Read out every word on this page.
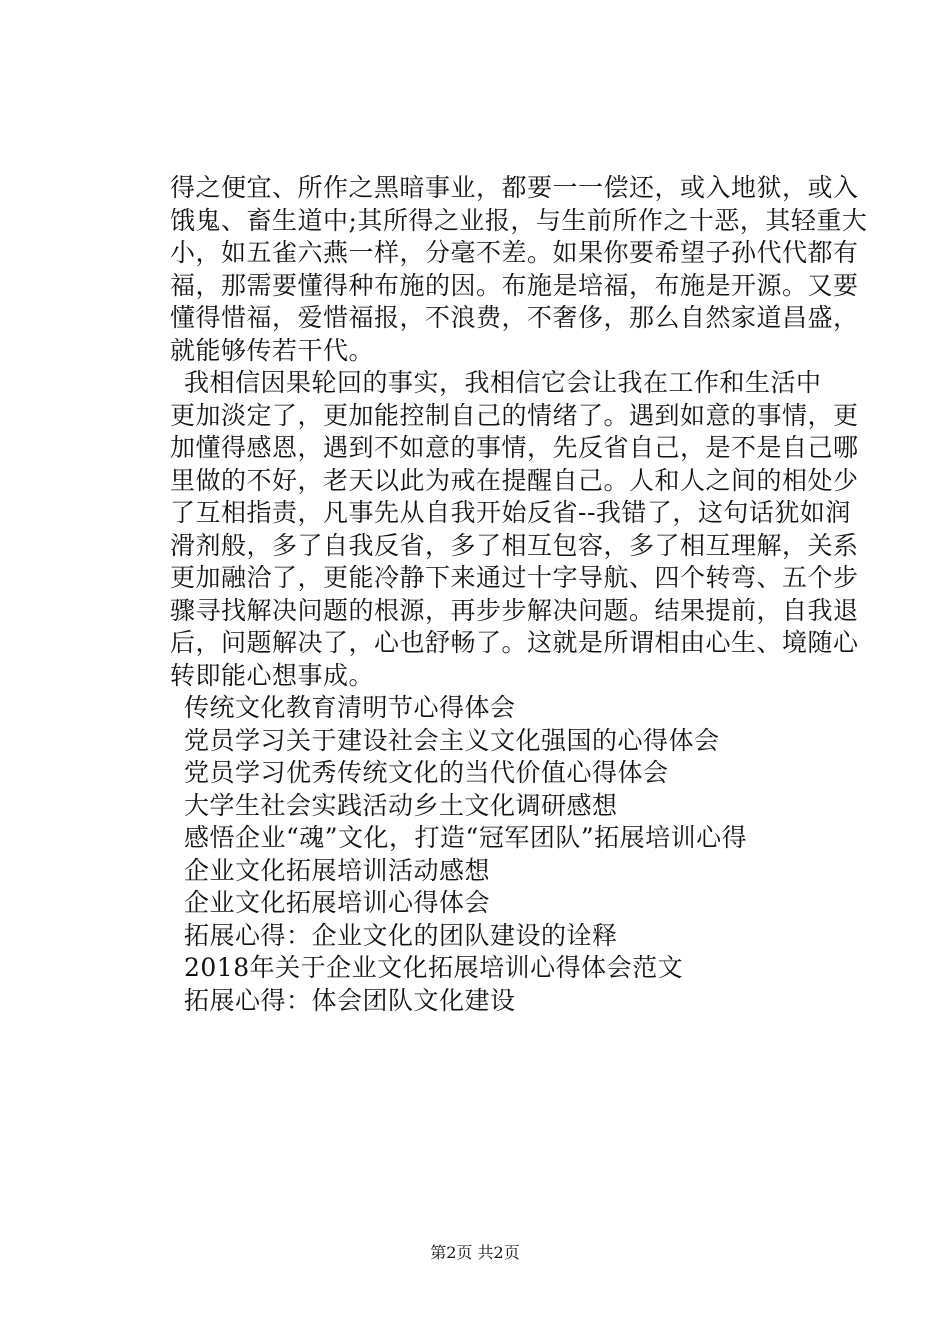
得之便宜、所作之黑暗事业，都要一一偿还，或入地狱，或入
饿鬼、畜生道中;其所得之业报，与生前所作之十恶，其轻重大
小，如五雀六燕一样，分毫不差。如果你要希望子孙代代都有
福，那需要懂得种布施的因。布施是培福，布施是开源。又要
懂得惜福，爱惜福报，不浪费，不奢侈，那么自然家道昌盛，
就能够传若干代。
我相信因果轮回的事实，我相信它会让我在工作和生活中
更加淡定了，更加能控制自己的情绪了。遇到如意的事情，更
加懂得感恩，遇到不如意的事情，先反省自己，是不是自己哪
里做的不好，老天以此为戒在提醒自己。人和人之间的相处少
了互相指责，凡事先从自我开始反省--我错了，这句话犹如润
滑剂般，多了自我反省，多了相互包容，多了相互理解，关系
更加融洽了，更能冷静下来通过十字导航、四个转弯、五个步
骤寻找解决问题的根源，再步步解决问题。结果提前，自我退
后，问题解决了，心也舒畅了。这就是所谓相由心生、境随心
转即能心想事成。
传统文化教育清明节心得体会
党员学习关于建设社会主义文化强国的心得体会
党员学习优秀传统文化的当代价值心得体会
大学生社会实践活动乡土文化调研感想
感悟企业“魂”文化，打造“冠军团队”拓展培训心得
企业文化拓展培训活动感想
企业文化拓展培训心得体会
拓展心得：企业文化的团队建设的诠释
2018年关于企业文化拓展培训心得体会范文
拓展心得：体会团队文化建设
第2页 共2页
